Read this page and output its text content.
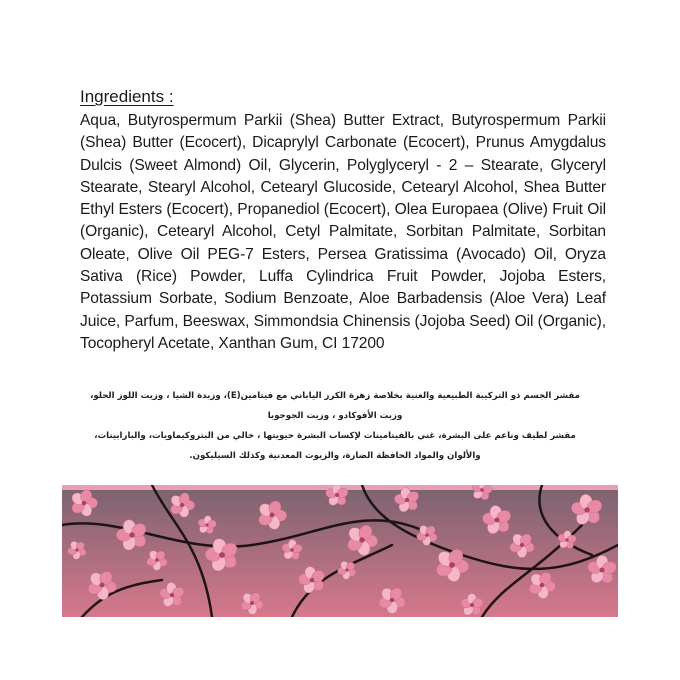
Ingredients :

Aqua, Butyrospermum Parkii (Shea) Butter Extract, Butyrospermum Parkii (Shea) Butter (Ecocert), Dicaprylyl Carbonate (Ecocert), Prunus Amygdalus Dulcis (Sweet Almond) Oil, Glycerin, Polyglyceryl - 2 – Stearate, Glyceryl Stearate, Stearyl Alcohol, Cetearyl Glucoside, Cetearyl Alcohol, Shea Butter Ethyl Esters (Ecocert), Propanediol (Ecocert), Olea Europaea (Olive) Fruit Oil (Organic), Cetearyl Alcohol, Cetyl Palmitate, Sorbitan Palmitate, Sorbitan Oleate, Olive Oil PEG-7 Esters, Persea Gratissima (Avocado) Oil, Oryza Sativa (Rice) Powder, Luffa Cylindrica Fruit Powder, Jojoba Esters, Potassium Sorbate, Sodium Benzoate, Aloe Barbadensis (Aloe Vera) Leaf Juice, Parfum, Beeswax, Simmondsia Chinensis (Jojoba Seed) Oil (Organic), Tocopheryl Acetate, Xanthan Gum, CI 17200

مقشر الجسم ذو التركيبة الطبيعية والغنية بخلاصة زهرة الكرز الياباني مع فيتامين(E)، وزبدة الشيا ، وزيت اللوز الحلو،

وزيت الأفوكادو ، وزيت الجوجوبا

مقشر لطيف وناعم على البشرة، غني بالفيتامينات لإكساب البشرة حيويتها ، خالي من البتروكيماويات، والبارابينات،

والألوان والمواد الحافظة الضارة، والزيوت المعدنية وكذلك السيليكون.
